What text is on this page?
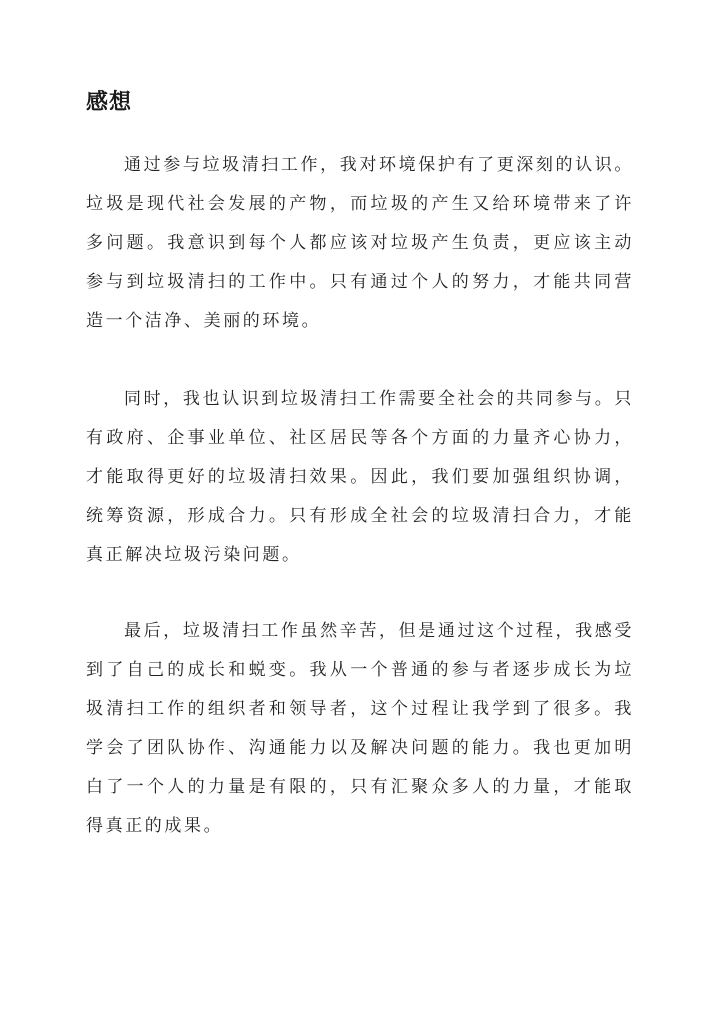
感想

通过参与垃圾清扫工作，我对环境保护有了更深刻的认识。垃圾是现代社会发展的产物，而垃圾的产生又给环境带来了许多问题。我意识到每个人都应该对垃圾产生负责，更应该主动参与到垃圾清扫的工作中。只有通过个人的努力，才能共同营造一个洁净、美丽的环境。

同时，我也认识到垃圾清扫工作需要全社会的共同参与。只有政府、企事业单位、社区居民等各个方面的力量齐心协力，才能取得更好的垃圾清扫效果。因此，我们要加强组织协调，统筹资源，形成合力。只有形成全社会的垃圾清扫合力，才能真正解决垃圾污染问题。

最后，垃圾清扫工作虽然辛苦，但是通过这个过程，我感受到了自己的成长和蜕变。我从一个普通的参与者逐步成长为垃圾清扫工作的组织者和领导者，这个过程让我学到了很多。我学会了团队协作、沟通能力以及解决问题的能力。我也更加明白了一个人的力量是有限的，只有汇聚众多人的力量，才能取得真正的成果。
